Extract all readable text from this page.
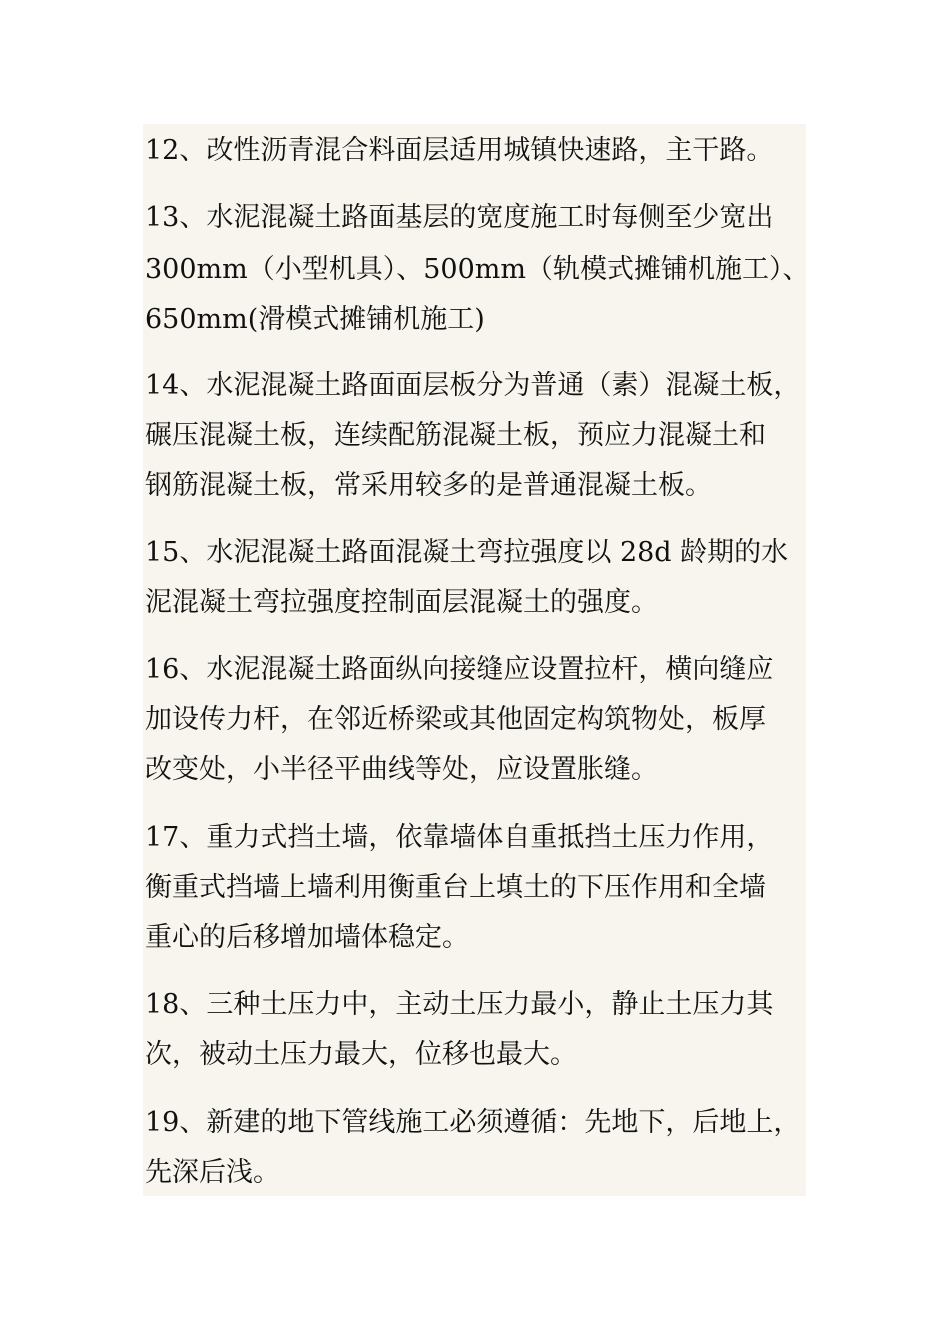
12、改性沥青混合料面层适用城镇快速路，主干路。
13、水泥混凝土路面基层的宽度施工时每侧至少宽出
300mm（小型机具）、500mm（轨模式摊铺机施工）、
650mm(滑模式摊铺机施工)
14、水泥混凝土路面面层板分为普通（素）混凝土板，
碾压混凝土板，连续配筋混凝土板，预应力混凝土和
钢筋混凝土板，常采用较多的是普通混凝土板。
15、水泥混凝土路面混凝土弯拉强度以 28d 龄期的水
泥混凝土弯拉强度控制面层混凝土的强度。
16、水泥混凝土路面纵向接缝应设置拉杆，横向缝应
加设传力杆，在邻近桥梁或其他固定构筑物处，板厚
改变处，小半径平曲线等处，应设置胀缝。
17、重力式挡土墙，依靠墙体自重抵挡土压力作用，
衡重式挡墙上墙利用衡重台上填土的下压作用和全墙
重心的后移增加墙体稳定。
18、三种土压力中，主动土压力最小，静止土压力其
次，被动土压力最大，位移也最大。
19、新建的地下管线施工必须遵循：先地下，后地上，
先深后浅。
